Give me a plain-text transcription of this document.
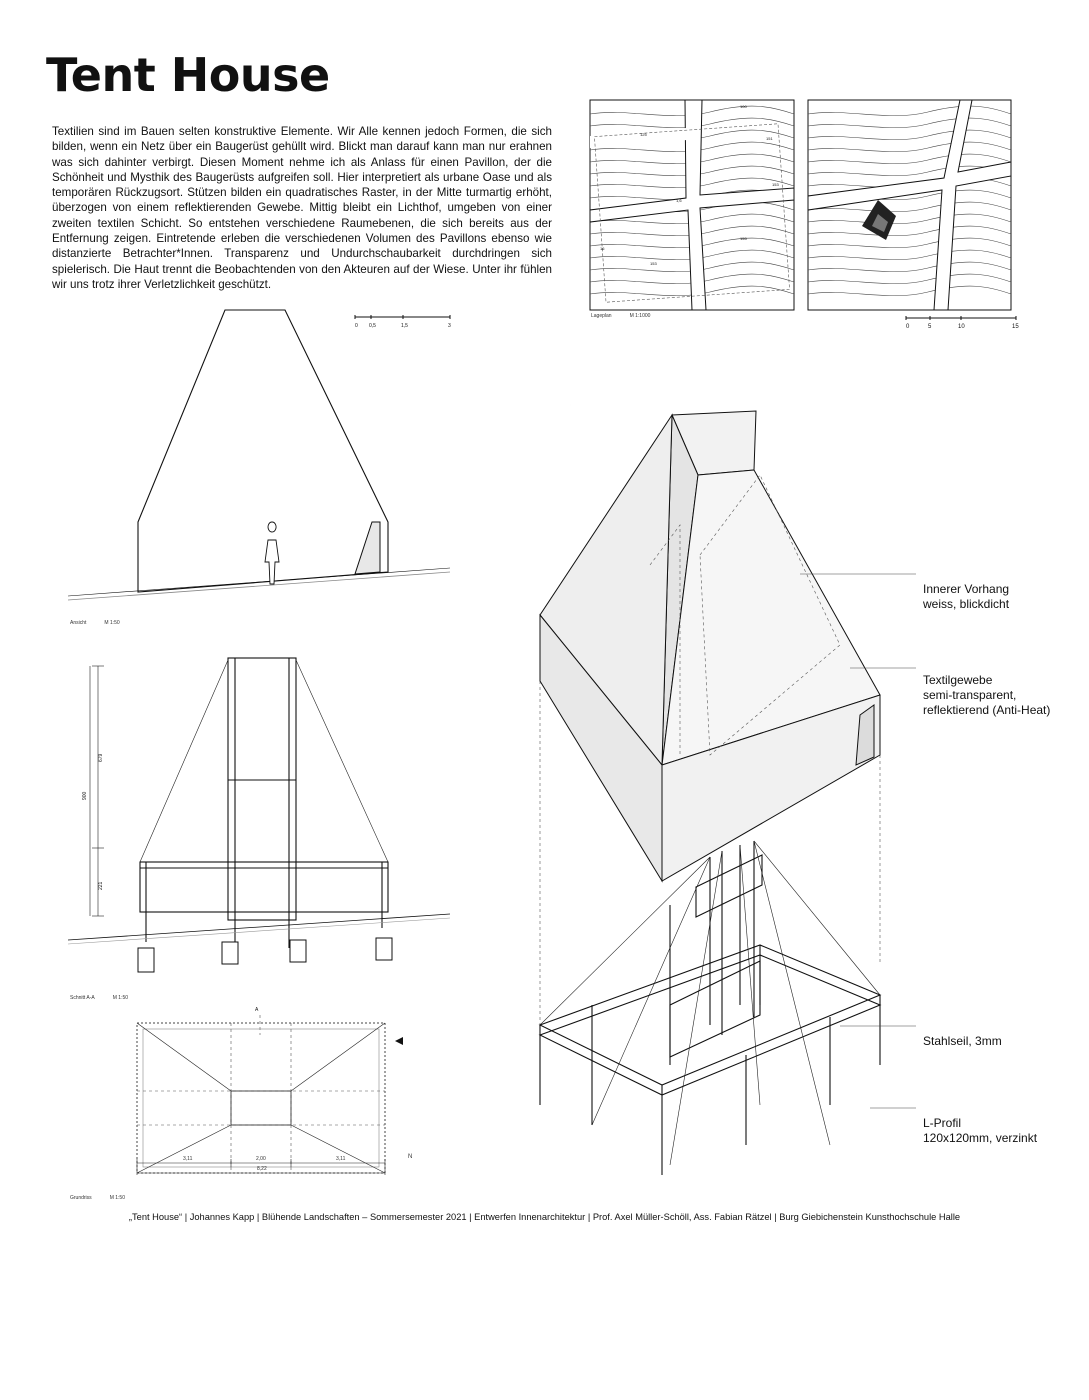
Tent House

Textilien sind im Bauen selten konstruktive Elemente. Wir Alle kennen jedoch Formen, die sich bilden, wenn ein Netz über ein Baugerüst gehüllt wird. Blickt man darauf kann man nur erahnen was sich dahinter verbirgt. Diesen Moment nehme ich als Anlass für einen Pavillon, der die Schönheit und Mysthik des Baugerüsts aufgreifen soll. Hier interpretiert als urbane Oase und als temporären Rückzugsort. Stützen bilden ein quadratisches Raster, in der Mitte turmartig erhöht, überzogen von einem reflektierenden Gewebe. Mittig bleibt ein Lichthof, umgeben von einer zweiten textilen Schicht. So entstehen verschiedene Raumebenen, die sich bereits aus der Entfernung zeigen. Eintretende erleben die verschiedenen Volumen des Pavillons ebenso wie distanzierte Betrachter*Innen. Transparenz und Undurchschaubarkeit durchdringen sich spielerisch. Die Haut trennt die Beobachtenden von den Akteuren auf der Wiese. Unter ihr fühlen wir uns trotz ihrer Verletzlichkeit geschützt.

100
125
1,6
16
153
155
153
151
Lageplan	M 1:1000
0	5	10	15
0 0,5	1,5	3
Ansicht	M 1:50
900
679
221
Schnitt A-A	M 1:50
A
3,11	2,00	3,11
8,22
N
Innerer Vorhang
weiss, blickdicht
Textilgewebe
semi-transparent,
reflektierend (Anti-Heat)
Stahlseil, 3mm
L-Profil
120x120mm, verzinkt
Grundriss	M 1:50
„Tent House“ | Johannes Kapp | Blühende Landschaften – Sommersemester 2021 | Entwerfen Innenarchitektur | Prof. Axel Müller-Schöll, Ass. Fabian Rätzel | Burg Giebichenstein Kunsthochschule Halle
